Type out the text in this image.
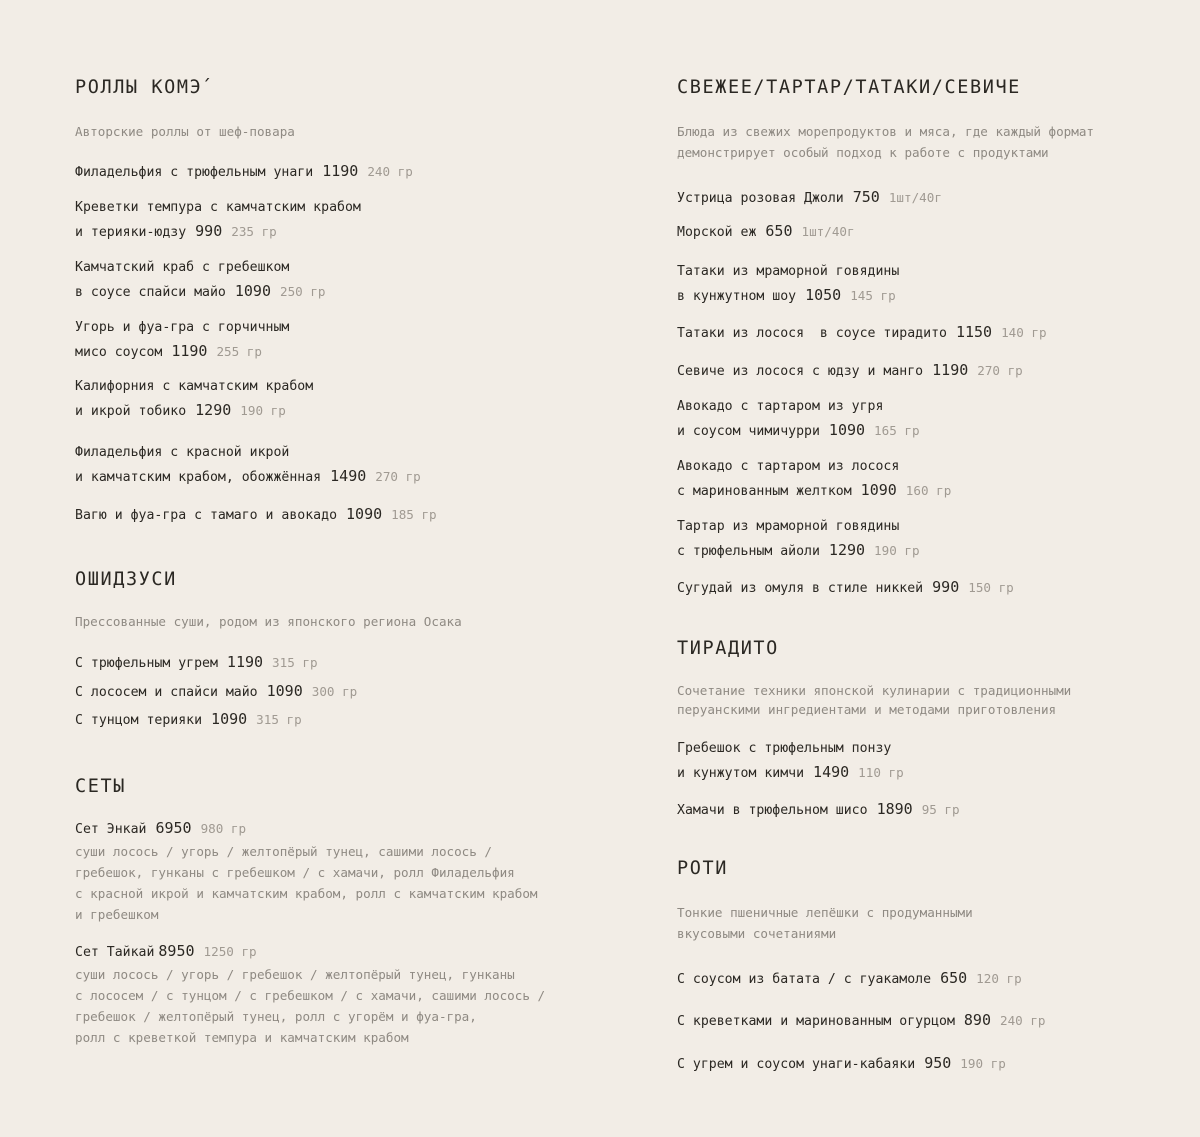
РОЛЛЫ КОМЭ́
Авторские роллы от шеф-повара
Филадельфия с трюфельным унаги 1190 240 гр
Креветки темпура с камчатским крабом
и терияки-юдзу 990 235 гр
Камчатский краб с гребешком
в соусе спайси майо 1090 250 гр
Угорь и фуа-гра с горчичным
мисо соусом 1190 255 гр
Калифорния с камчатским крабом
и икрой тобико 1290 190 гр
Филадельфия с красной икрой
и камчатским крабом, обожжённая 1490 270 гр
Вагю и фуа-гра с тамаго и авокадо 1090 185 гр
ОШИДЗУСИ
Прессованные суши, родом из японского региона Осака
С трюфельным угрем 1190 315 гр
С лососем и спайси майо 1090 300 гр
С тунцом терияки 1090 315 гр
СЕТЫ
Сет Энкай 6950 980 гр
суши лосось / угорь / желтопёрый тунец, сашими лосось /
гребешок, гунканы с гребешком / с хамачи, ролл Филадельфия
с красной икрой и камчатским крабом, ролл с камчатским крабом
и гребешком
Сет Тайкай 8950 1250 гр
суши лосось / угорь / гребешок / желтопёрый тунец, гунканы
с лососем / с тунцом / с гребешком / с хамачи, сашими лосось /
гребешок / желтопёрый тунец, ролл с угорём и фуа-гра,
ролл с креветкой темпура и камчатским крабом
СВЕЖЕЕ/ТАРТАР/ТАТАКИ/СЕВИЧЕ
Блюда из свежих морепродуктов и мяса, где каждый формат
демонстрирует особый подход к работе с продуктами
Устрица розовая Джоли 750 1шт/40г
Морской еж 650 1шт/40г
Татаки из мраморной говядины
в кунжутном шоу 1050 145 гр
Татаки из лосося  в соусе тирадито 1150 140 гр
Севиче из лосося с юдзу и манго 1190 270 гр
Авокадо с тартаром из угря
и соусом чимичурри 1090 165 гр
Авокадо с тартаром из лосося
с маринованным желтком 1090 160 гр
Тартар из мраморной говядины
с трюфельным айоли 1290 190 гр
Сугудай из омуля в стиле никкей 990 150 гр
ТИРАДИТО
Сочетание техники японской кулинарии с традиционными
перуанскими ингредиентами и методами приготовления
Гребешок с трюфельным понзу
и кунжутом кимчи 1490 110 гр
Хамачи в трюфельном шисо 1890 95 гр
РОТИ
Тонкие пшеничные лепёшки с продуманными
вкусовыми сочетаниями
С соусом из батата / с гуакамоле 650 120 гр
С креветками и маринованным огурцом 890 240 гр
С угрем и соусом унаги-кабаяки 950 190 гр
